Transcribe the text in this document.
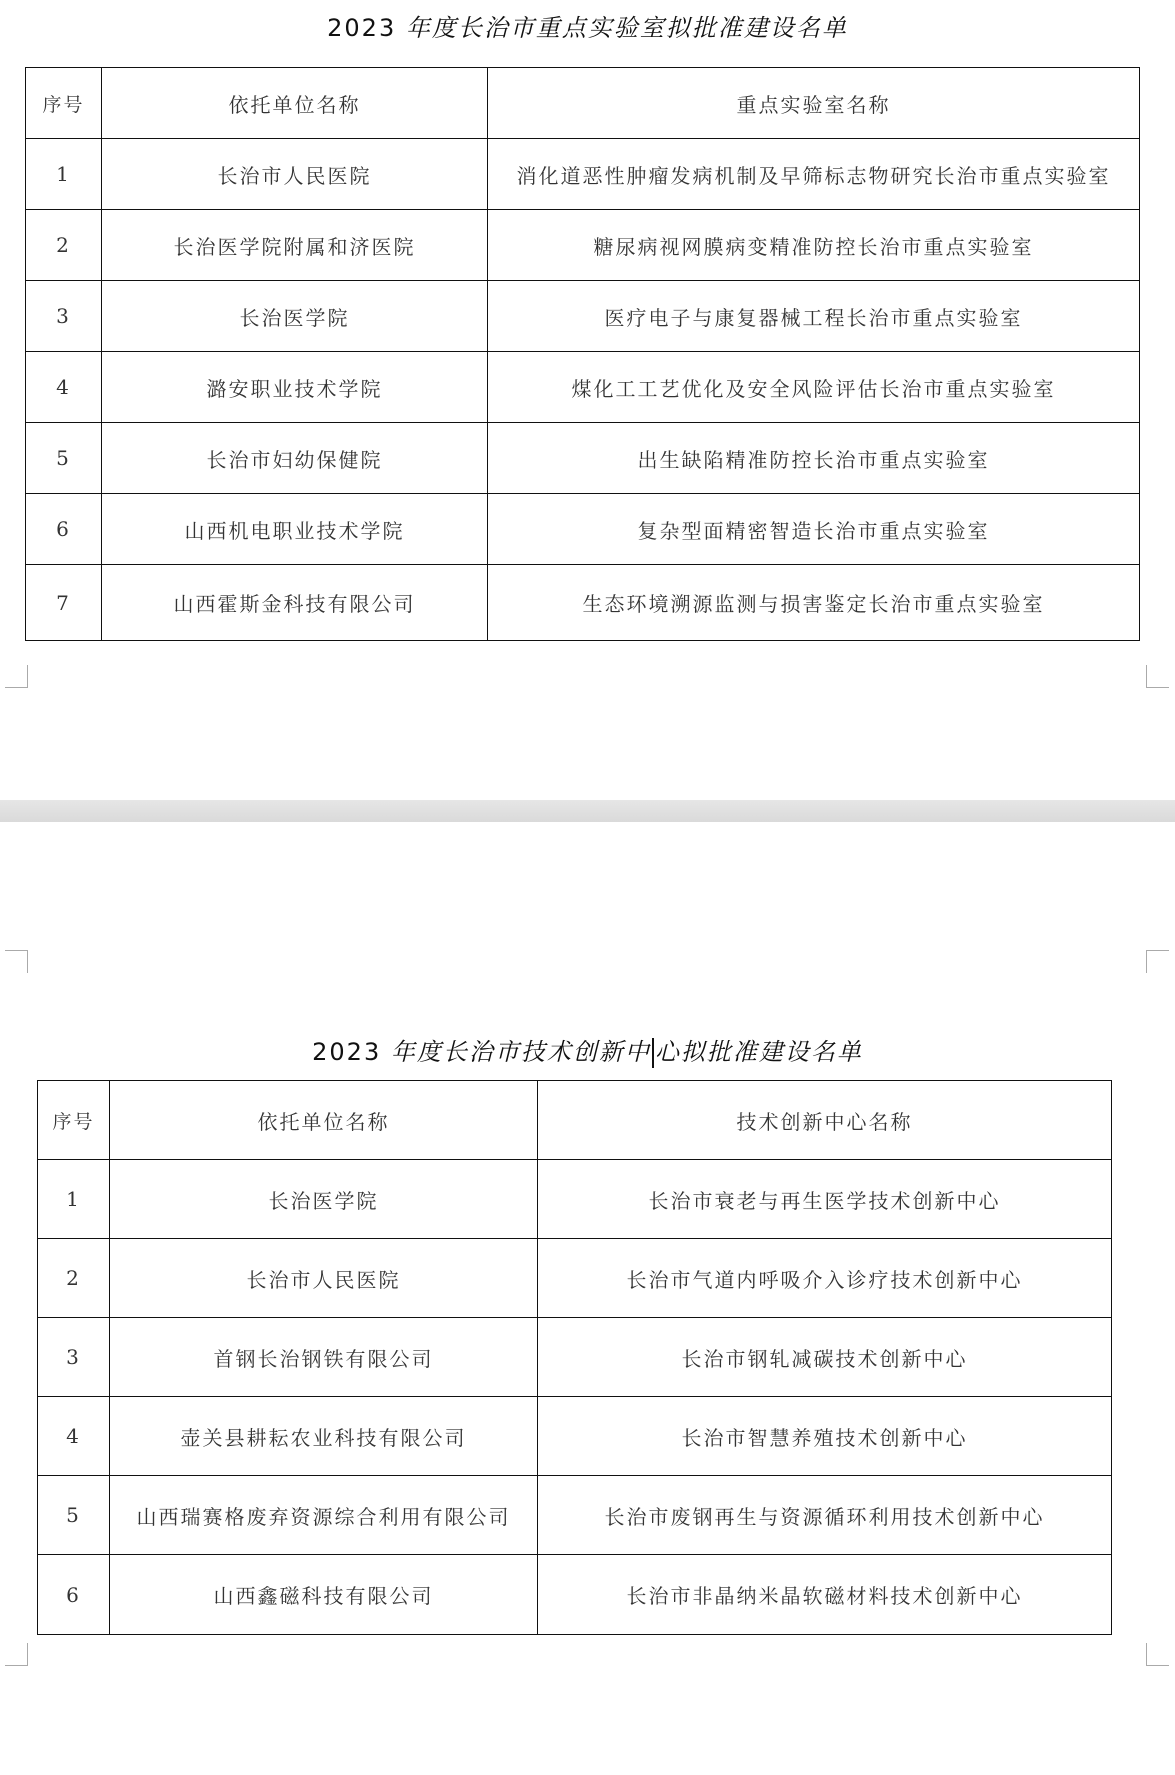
2023 年度长治市重点实验室拟批准建设名单
序号	依托单位名称	重点实验室名称
1	长治市人民医院	消化道恶性肿瘤发病机制及早筛标志物研究长治市重点实验室
2	长治医学院附属和济医院	糖尿病视网膜病变精准防控长治市重点实验室
3	长治医学院	医疗电子与康复器械工程长治市重点实验室
4	潞安职业技术学院	煤化工工艺优化及安全风险评估长治市重点实验室
5	长治市妇幼保健院	出生缺陷精准防控长治市重点实验室
6	山西机电职业技术学院	复杂型面精密智造长治市重点实验室
7	山西霍斯金科技有限公司	生态环境溯源监测与损害鉴定长治市重点实验室
2023 年度长治市技术创新中 心拟批准建设名单
序号	依托单位名称	技术创新中心名称
1	长治医学院	长治市衰老与再生医学技术创新中心
2	长治市人民医院	长治市气道内呼吸介入诊疗技术创新中心
3	首钢长治钢铁有限公司	长治市钢轧减碳技术创新中心
4	壶关县耕耘农业科技有限公司	长治市智慧养殖技术创新中心
5	山西瑞赛格废弃资源综合利用有限公司	长治市废钢再生与资源循环利用技术创新中心
6	山西鑫磁科技有限公司	长治市非晶纳米晶软磁材料技术创新中心
